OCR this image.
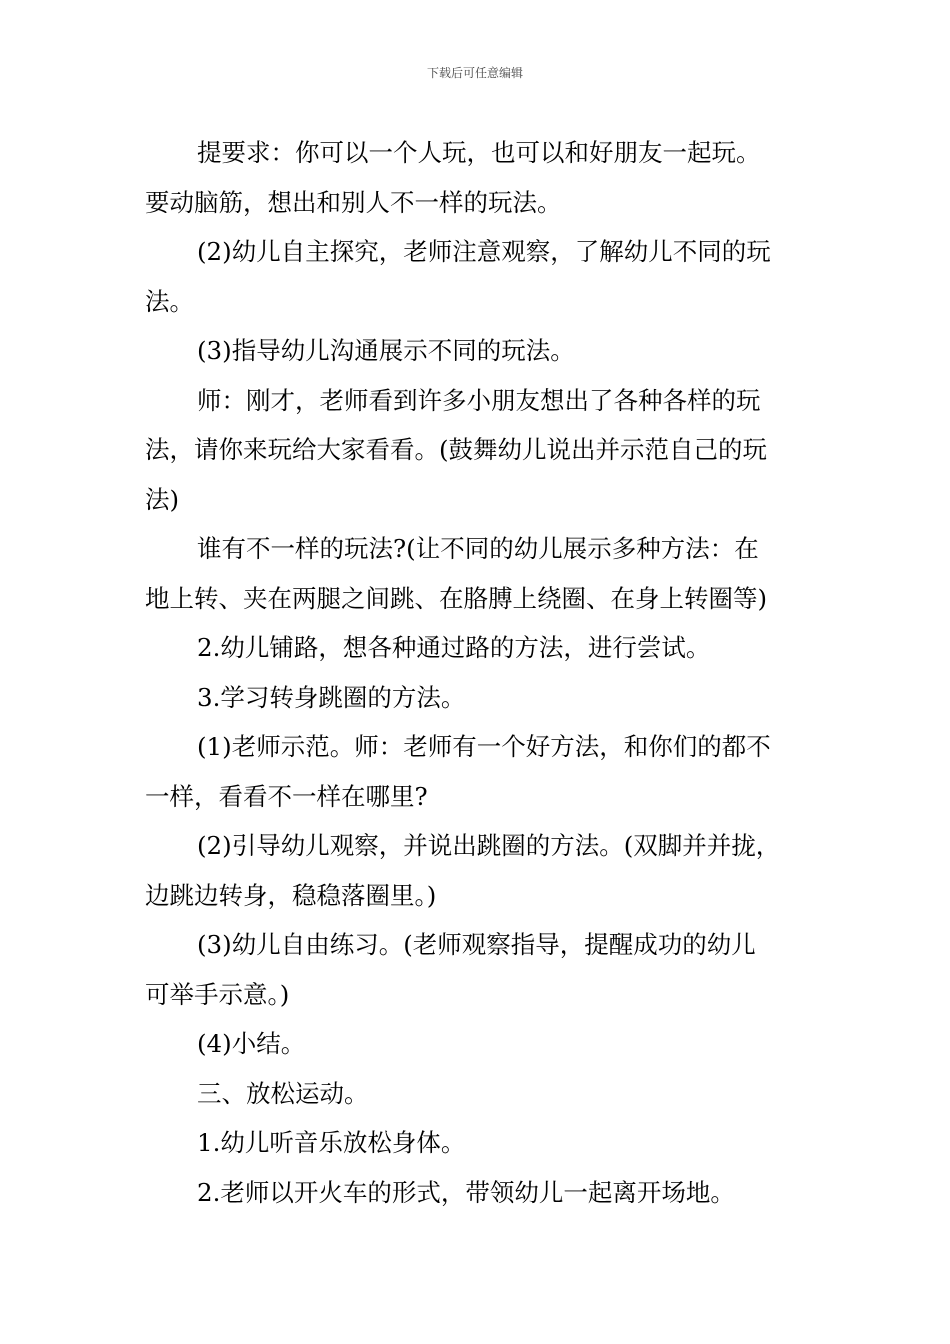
下载后可任意编辑
提要求：你可以一个人玩，也可以和好朋友一起玩。
要动脑筋，想出和别人不一样的玩法。
(2)幼儿自主探究，老师注意观察，了解幼儿不同的玩
法。
(3)指导幼儿沟通展示不同的玩法。
师：刚才，老师看到许多小朋友想出了各种各样的玩
法，请你来玩给大家看看。(鼓舞幼儿说出并示范自己的玩
法)
谁有不一样的玩法?(让不同的幼儿展示多种方法：在
地上转、夹在两腿之间跳、在胳膊上绕圈、在身上转圈等)
2.幼儿铺路，想各种通过路的方法，进行尝试。
3.学习转身跳圈的方法。
(1)老师示范。师：老师有一个好方法，和你们的都不
一样，看看不一样在哪里?
(2)引导幼儿观察，并说出跳圈的方法。(双脚并并拢，
边跳边转身，稳稳落圈里。)
(3)幼儿自由练习。(老师观察指导，提醒成功的幼儿
可举手示意。)
(4)小结。
三、放松运动。
1.幼儿听音乐放松身体。
2.老师以开火车的形式，带领幼儿一起离开场地。
